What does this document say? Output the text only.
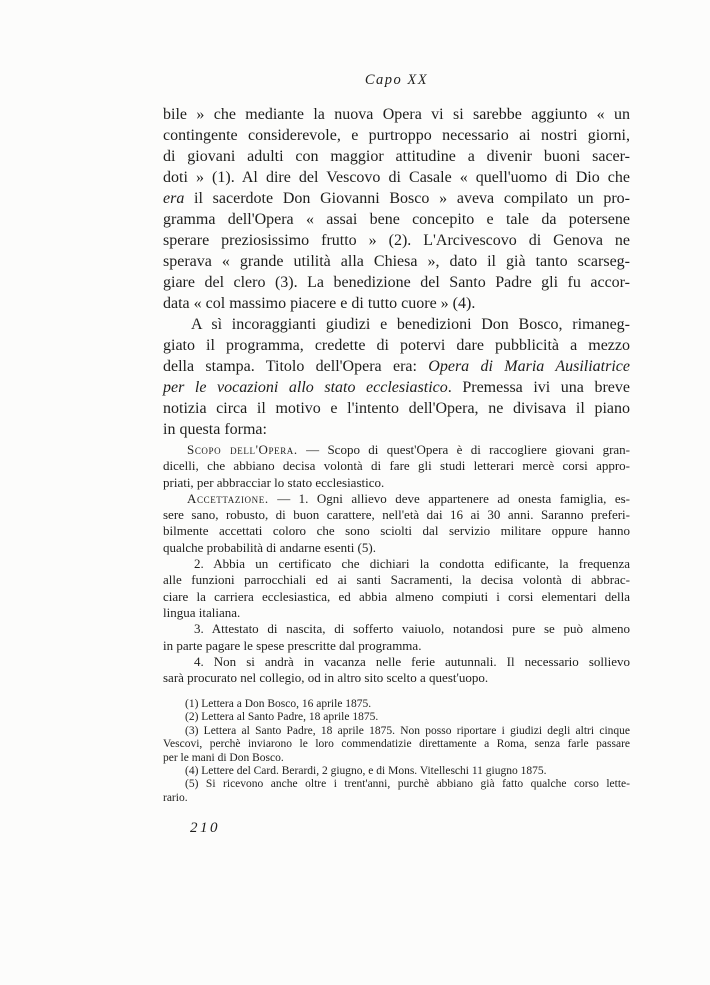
Capo XX
bile » che mediante la nuova Opera vi si sarebbe aggiunto « un
contingente considerevole, e purtroppo necessario ai nostri giorni,
di giovani adulti con maggior attitudine a divenir buoni sacer-
doti » (1). Al dire del Vescovo di Casale « quell'uomo di Dio che
era il sacerdote Don Giovanni Bosco » aveva compilato un pro-
gramma dell'Opera « assai bene concepito e tale da potersene
sperare preziosissimo frutto » (2). L'Arcivescovo di Genova ne
sperava « grande utilità alla Chiesa », dato il già tanto scarseg-
giare del clero (3). La benedizione del Santo Padre gli fu accor-
data « col massimo piacere e di tutto cuore » (4).
A sì incoraggianti giudizi e benedizioni Don Bosco, rimaneg-
giato il programma, credette di potervi dare pubblicità a mezzo
della stampa. Titolo dell'Opera era: Opera di Maria Ausiliatrice
per le vocazioni allo stato ecclesiastico. Premessa ivi una breve
notizia circa il motivo e l'intento dell'Opera, ne divisava il piano
in questa forma:
Scopo dell'Opera. — Scopo di quest'Opera è di raccogliere giovani gran-
dicelli, che abbiano decisa volontà di fare gli studi letterari mercè corsi appro-
priati, per abbracciar lo stato ecclesiastico.
Accettazione. — 1. Ogni allievo deve appartenere ad onesta famiglia, es-
sere sano, robusto, di buon carattere, nell'età dai 16 ai 30 anni. Saranno preferi-
bilmente accettati coloro che sono sciolti dal servizio militare oppure hanno
qualche probabilità di andarne esenti (5).
2. Abbia un certificato che dichiari la condotta edificante, la frequenza
alle funzioni parrocchiali ed ai santi Sacramenti, la decisa volontà di abbrac-
ciare la carriera ecclesiastica, ed abbia almeno compiuti i corsi elementari della
lingua italiana.
3. Attestato di nascita, di sofferto vaiuolo, notandosi pure se può almeno
in parte pagare le spese prescritte dal programma.
4. Non si andrà in vacanza nelle ferie autunnali. Il necessario sollievo
sarà procurato nel collegio, od in altro sito scelto a quest'uopo.
(1) Lettera a Don Bosco, 16 aprile 1875.
(2) Lettera al Santo Padre, 18 aprile 1875.
(3) Lettera al Santo Padre, 18 aprile 1875. Non posso riportare i giudizi degli altri cinque
Vescovi, perchè inviarono le loro commendatizie direttamente a Roma, senza farle passare
per le mani di Don Bosco.
(4) Lettere del Card. Berardi, 2 giugno, e di Mons. Vitelleschi 11 giugno 1875.
(5) Si ricevono anche oltre i trent'anni, purchè abbiano già fatto qualche corso lette-
rario.
210
